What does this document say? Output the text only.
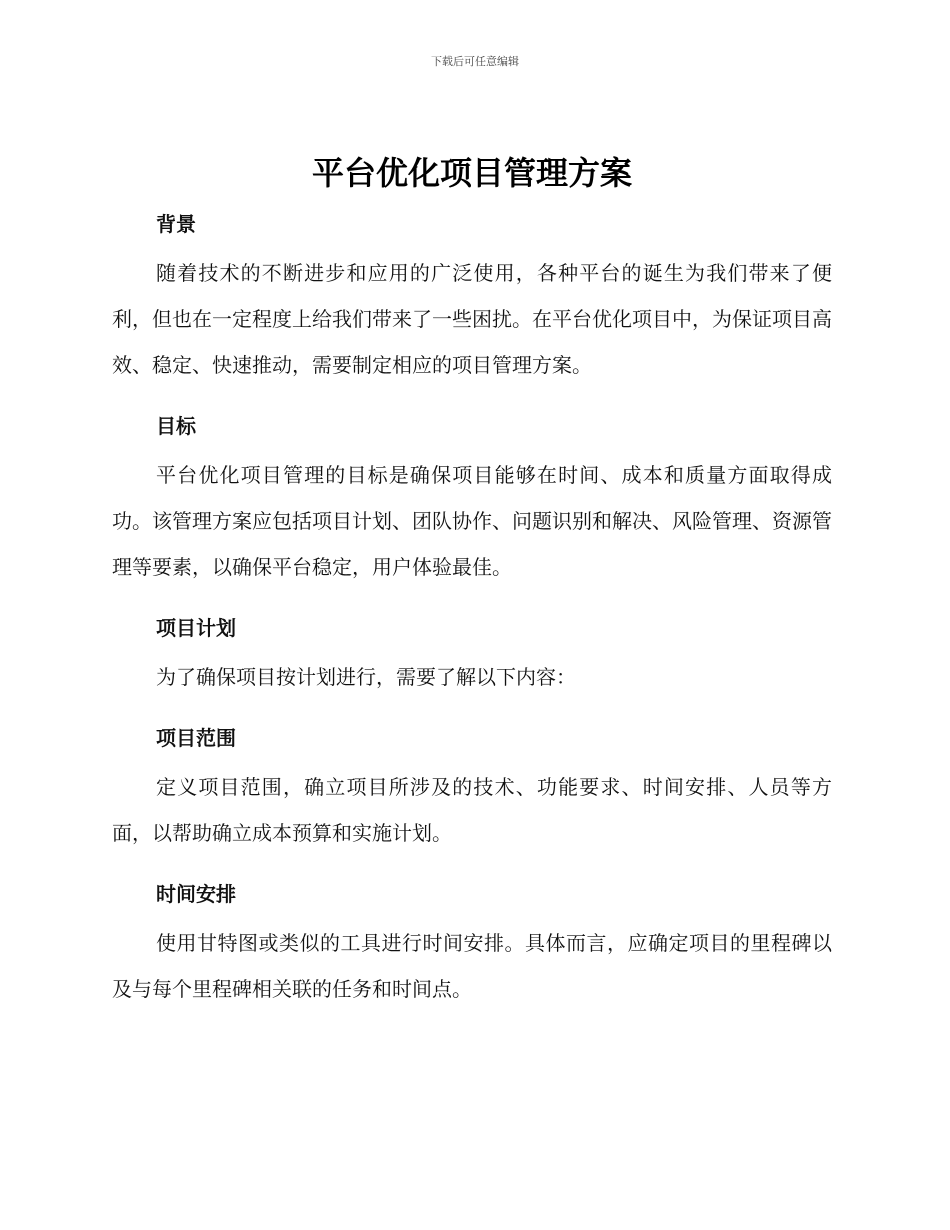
下载后可任意编辑
平台优化项目管理方案
背景

随着技术的不断进步和应用的广泛使用，各种平台的诞生为我们带来了便利，但也在一定程度上给我们带来了一些困扰。在平台优化项目中，为保证项目高效、稳定、快速推动，需要制定相应的项目管理方案。

目标

平台优化项目管理的目标是确保项目能够在时间、成本和质量方面取得成功。该管理方案应包括项目计划、团队协作、问题识别和解决、风险管理、资源管理等要素，以确保平台稳定，用户体验最佳。

项目计划

为了确保项目按计划进行，需要了解以下内容：

项目范围

定义项目范围，确立项目所涉及的技术、功能要求、时间安排、人员等方面，以帮助确立成本预算和实施计划。

时间安排

使用甘特图或类似的工具进行时间安排。具体而言，应确定项目的里程碑以及与每个里程碑相关联的任务和时间点。
